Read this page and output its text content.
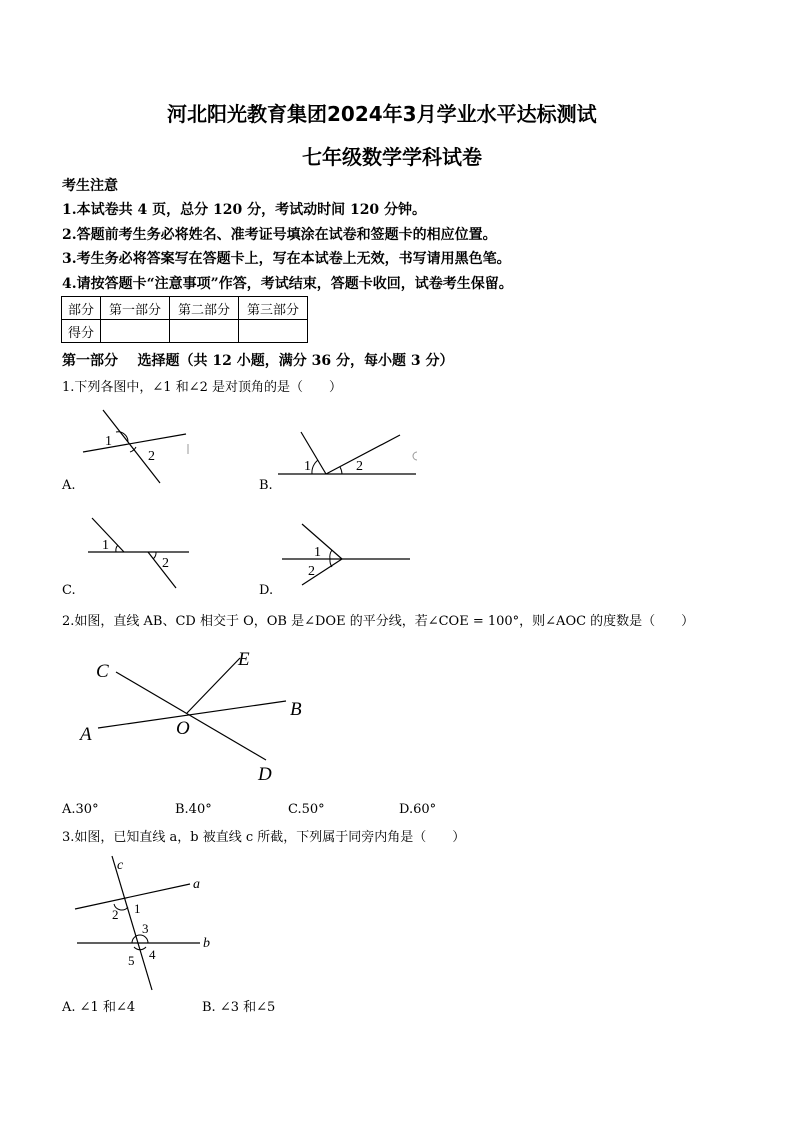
河北阳光教育集团2024年3月学业水平达标测试
七年级数学学科试卷
考生注意
1.本试卷共 4 页，总分 120 分，考试动时间 120 分钟。
2.答题前考生务必将姓名、准考证号填涂在试卷和签题卡的相应位置。
3.考生务必将答案写在答题卡上，写在本试卷上无效，书写请用黑色笔。
4.请按答题卡“注意事项”作答，考试结束，答题卡收回，试卷考生保留。
部分	第一部分	第二部分	第三部分
得分			
第一部分    选择题（共 12 小题，满分 36 分，每小题 3 分）
1.下列各图中，∠1 和∠2 是对顶角的是（　　）
1
2
A.
1	2
B.
1
2
C.
1
2
D.
2.如图，直线 AB、CD 相交于 O，OB 是∠DOE 的平分线，若∠COE = 100°，则∠AOC 的度数是（　　）
C
E
B
A	O
D
A.30°	B.40°	C.50°	D.60°
3.如图，已知直线 a，b 被直线 c 所截，下列属于同旁内角是（　　）
c
a
b
2 1
3
5 4
A. ∠1 和∠4	B. ∠3 和∠5
